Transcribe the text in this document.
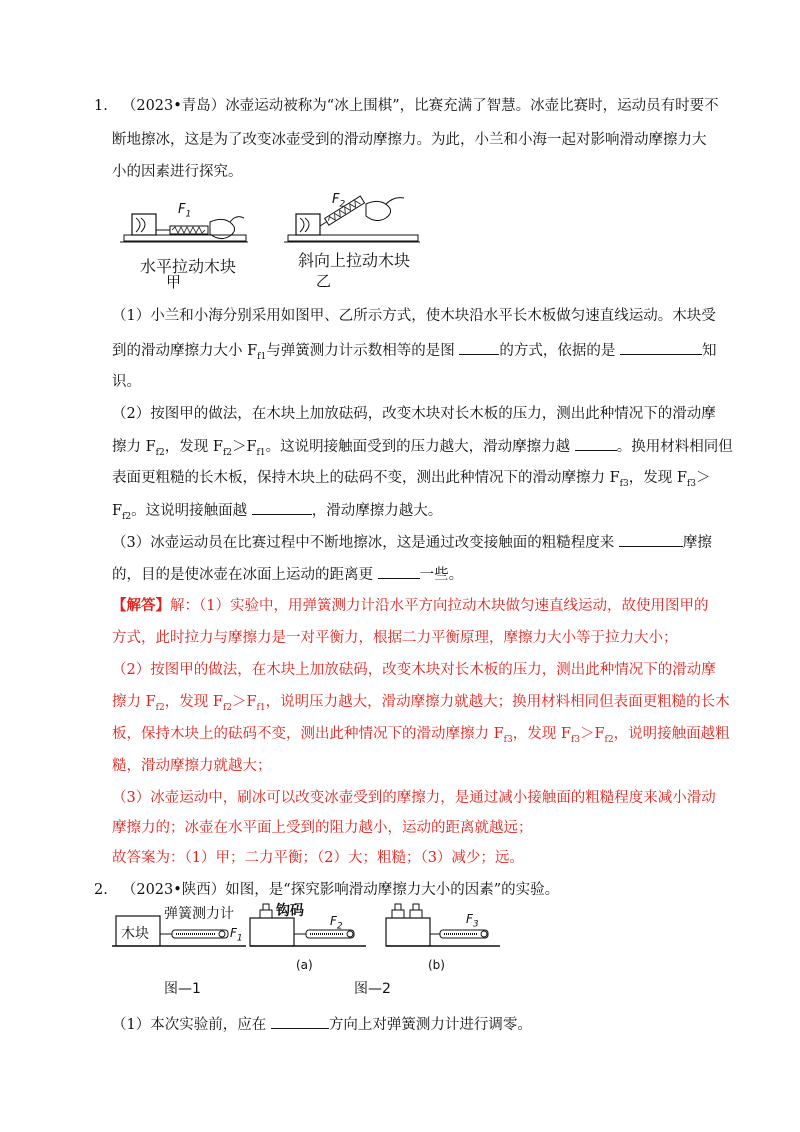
1. （2023•青岛）冰壶运动被称为“冰上围棋”，比赛充满了智慧。冰壶比赛时，运动员有时要不
断地擦冰，这是为了改变冰壶受到的滑动摩擦力。为此，小兰和小海一起对影响滑动摩擦力大
小的因素进行探究。
$F_1$
$F_2$
水平拉动木块
甲
斜向上拉动木块
乙
（1）小兰和小海分别采用如图甲、乙所示方式，使木块沿水平长木板做匀速直线运动。木块受
到的滑动摩擦力大小 $F_{f1}$与弹簧测力计示数相等的是图	的方式，依据的是	知
识。
（2）按图甲的做法，在木块上加放砝码，改变木块对长木板的压力，测出此种情况下的滑动摩
擦力 $F_{f2}$，发现 $F_{f2}>F_{f1}$。这说明接触面受到的压力越大，滑动摩擦力越	。换用材料相同但
表面更粗糙的长木板，保持木块上的砝码不变，测出此种情况下的滑动摩擦力 $F_{f3}$，发现 $F_{f3}>$
$F_{f2}$。这说明接触面越	，滑动摩擦力越大。
（3）冰壶运动员在比赛过程中不断地擦冰，这是通过改变接触面的粗糙程度来	摩擦
的，目的是使冰壶在冰面上运动的距离更	一些。
【解答】解：（1）实验中，用弹簧测力计沿水平方向拉动木块做匀速直线运动，故使用图甲的
方式，此时拉力与摩擦力是一对平衡力，根据二力平衡原理，摩擦力大小等于拉力大小；
（2）按图甲的做法，在木块上加放砝码，改变木块对长木板的压力，测出此种情况下的滑动摩
擦力 $F_{f2}$，发现 $F_{f2}>F_{f1}$，说明压力越大，滑动摩擦力就越大；换用材料相同但表面更粗糙的长木
板，保持木块上的砝码不变，测出此种情况下的滑动摩擦力 $F_{f3}$，发现 $F_{f3}>F_{f2}$，说明接触面越粗
糙，滑动摩擦力就越大；
（3）冰壶运动中，刷冰可以改变冰壶受到的摩擦力，是通过减小接触面的粗糙程度来减小滑动
摩擦力的；冰壶在水平面上受到的阻力越小，运动的距离就越远；
故答案为：（1）甲；二力平衡；（2）大；粗糙；（3）减少；远。
2. （2023•陕西）如图，是“探究影响滑动摩擦力大小的因素”的实验。
木块
弹簧测力计
$F_1$
钩码
$F_2$
$F_3$
(a)	(b)
图—1	图—2
（1）本次实验前，应在	方向上对弹簧测力计进行调零。
